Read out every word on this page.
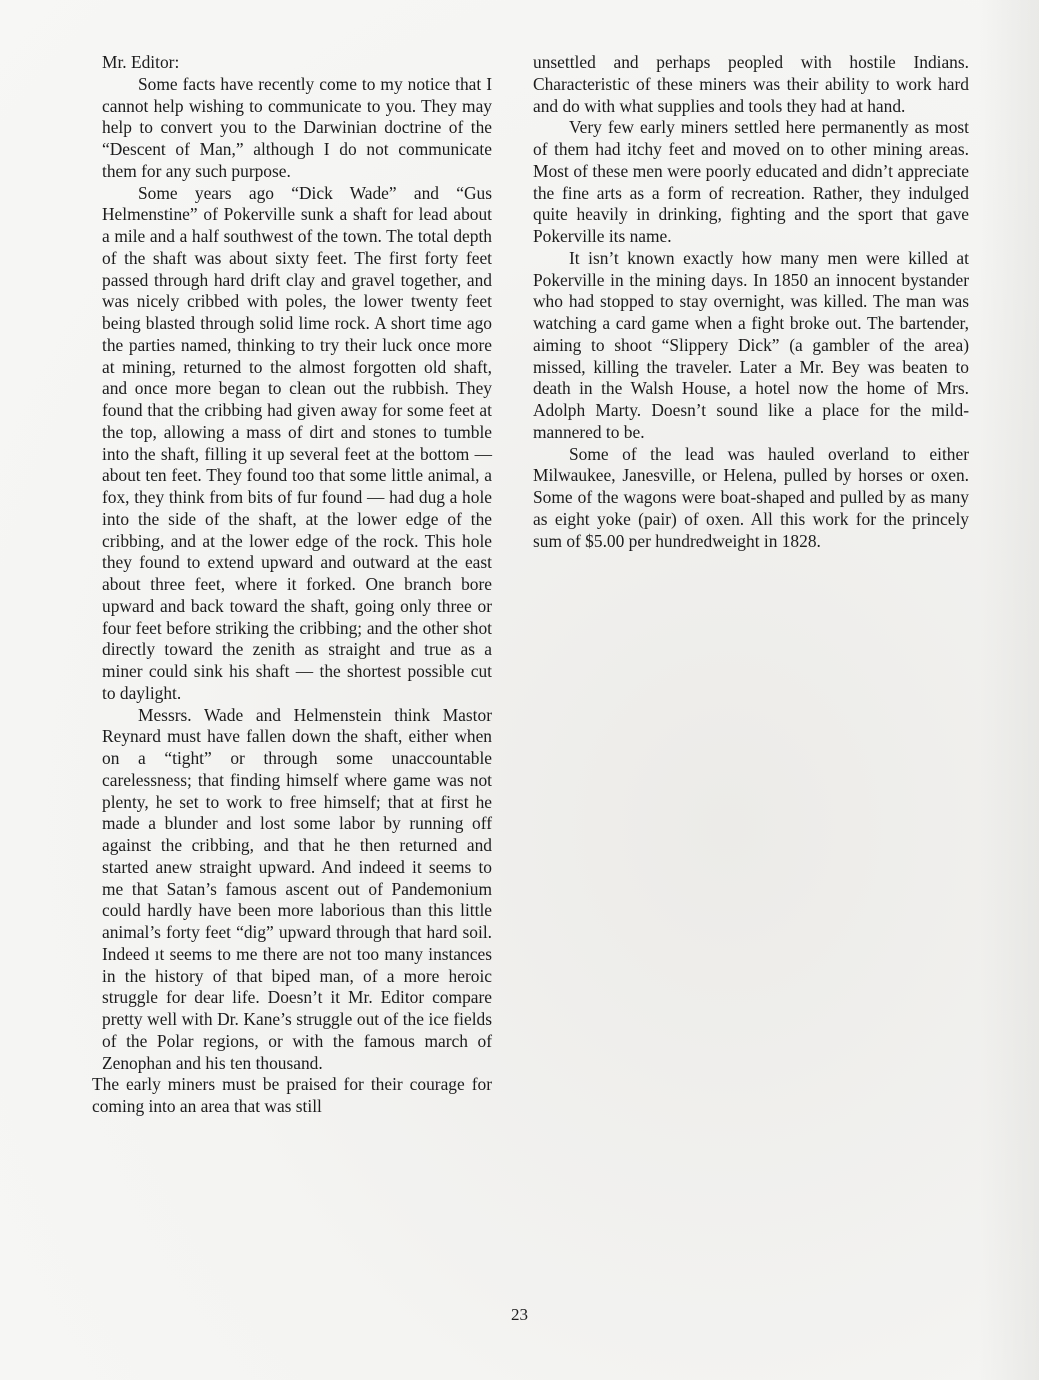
Mr. Editor:

Some facts have recently come to my notice that I cannot help wishing to communicate to you. They may help to convert you to the Darwinian doctrine of the “Descent of Man,” although I do not communicate them for any such purpose.

Some years ago “Dick Wade” and “Gus Helmenstine” of Pokerville sunk a shaft for lead about a mile and a half southwest of the town. The total depth of the shaft was about sixty feet. The first forty feet passed through hard drift clay and gravel together, and was nicely cribbed with poles, the lower twenty feet being blasted through solid lime rock. A short time ago the parties named, thinking to try their luck once more at mining, returned to the almost forgotten old shaft, and once more began to clean out the rubbish. They found that the cribbing had given away for some feet at the top, allowing a mass of dirt and stones to tumble into the shaft, filling it up several feet at the bottom — about ten feet. They found too that some little animal, a fox, they think from bits of fur found — had dug a hole into the side of the shaft, at the lower edge of the cribbing, and at the lower edge of the rock. This hole they found to extend upward and outward at the east about three feet, where it forked. One branch bore upward and back toward the shaft, going only three or four feet before striking the cribbing; and the other shot directly toward the zenith as straight and true as a miner could sink his shaft — the shortest possible cut to daylight.

Messrs. Wade and Helmenstein think Mastor Reynard must have fallen down the shaft, either when on a “tight” or through some unaccountable carelessness; that finding himself where game was not plenty, he set to work to free himself; that at first he made a blunder and lost some labor by running off against the cribbing, and that he then returned and started anew straight upward. And indeed it seems to me that Satan’s famous ascent out of Pandemonium could hardly have been more laborious than this little animal’s forty feet “dig” upward through that hard soil. Indeed ıt seems to me there are not too many instances in the history of that biped man, of a more heroic struggle for dear life. Doesn’t it Mr. Editor compare pretty well with Dr. Kane’s struggle out of the ice fields of the Polar regions, or with the famous march of Zenophan and his ten thousand.

The early miners must be praised for their courage for coming into an area that was still

unsettled and perhaps peopled with hostile Indians. Characteristic of these miners was their ability to work hard and do with what supplies and tools they had at hand.

Very few early miners settled here permanently as most of them had itchy feet and moved on to other mining areas. Most of these men were poorly educated and didn’t appreciate the fine arts as a form of recreation. Rather, they indulged quite heavily in drinking, fighting and the sport that gave Pokerville its name.

It isn’t known exactly how many men were killed at Pokerville in the mining days. In 1850 an innocent bystander who had stopped to stay overnight, was killed. The man was watching a card game when a fight broke out. The bartender, aiming to shoot “Slippery Dick” (a gambler of the area) missed, killing the traveler. Later a Mr. Bey was beaten to death in the Walsh House, a hotel now the home of Mrs. Adolph Marty. Doesn’t sound like a place for the mild-mannered to be.

Some of the lead was hauled overland to either Milwaukee, Janesville, or Helena, pulled by horses or oxen. Some of the wagons were boat-shaped and pulled by as many as eight yoke (pair) of oxen. All this work for the princely sum of $5.00 per hundredweight in 1828.

23
